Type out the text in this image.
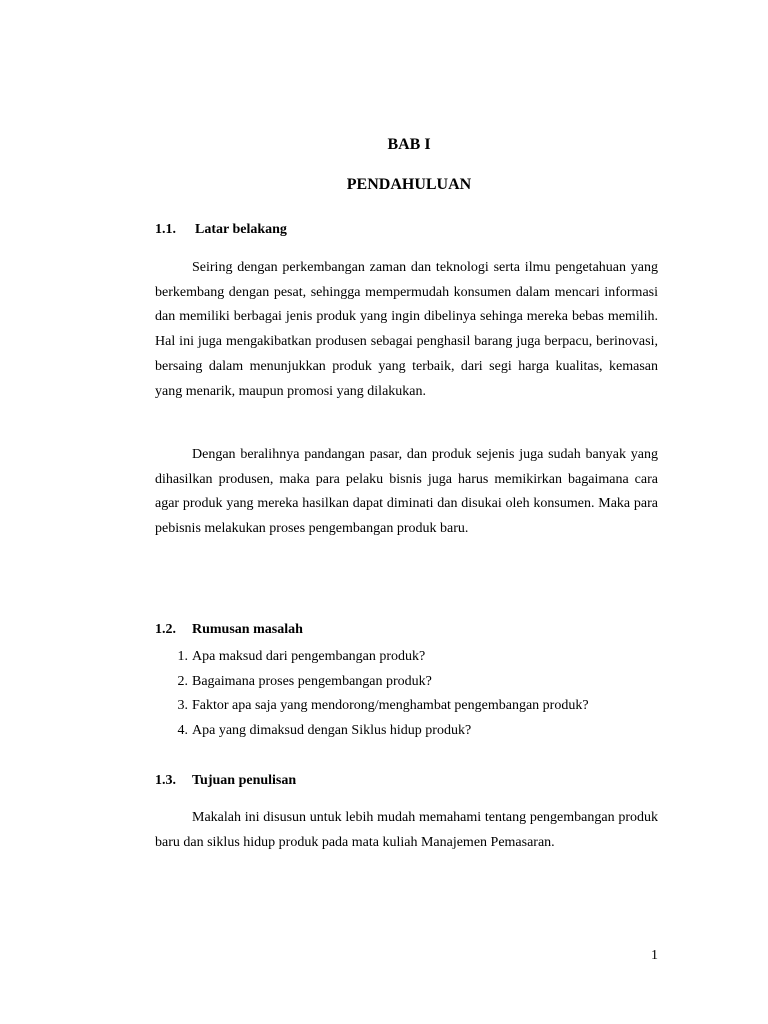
BAB I

PENDAHULUAN

1.1. Latar belakang

Seiring dengan perkembangan zaman dan teknologi serta ilmu pengetahuan yang berkembang dengan pesat, sehingga mempermudah konsumen dalam mencari informasi dan memiliki berbagai jenis produk yang ingin dibelinya sehinga mereka bebas memilih. Hal ini juga mengakibatkan produsen sebagai penghasil barang juga berpacu, berinovasi, bersaing dalam menunjukkan produk yang terbaik, dari segi harga kualitas, kemasan yang menarik, maupun promosi yang dilakukan.

Dengan beralihnya pandangan pasar, dan produk sejenis juga sudah banyak yang dihasilkan produsen, maka para pelaku bisnis juga harus memikirkan bagaimana cara agar produk yang mereka hasilkan dapat diminati dan disukai oleh konsumen. Maka para pebisnis melakukan proses pengembangan produk baru.

1.2. Rumusan masalah

1. Apa maksud dari pengembangan produk?
2. Bagaimana proses pengembangan produk?
3. Faktor apa saja yang mendorong/menghambat pengembangan produk?
4. Apa yang dimaksud dengan Siklus hidup produk?

1.3. Tujuan penulisan

Makalah ini disusun untuk lebih mudah memahami tentang pengembangan produk baru dan siklus hidup produk pada mata kuliah Manajemen Pemasaran.

1
